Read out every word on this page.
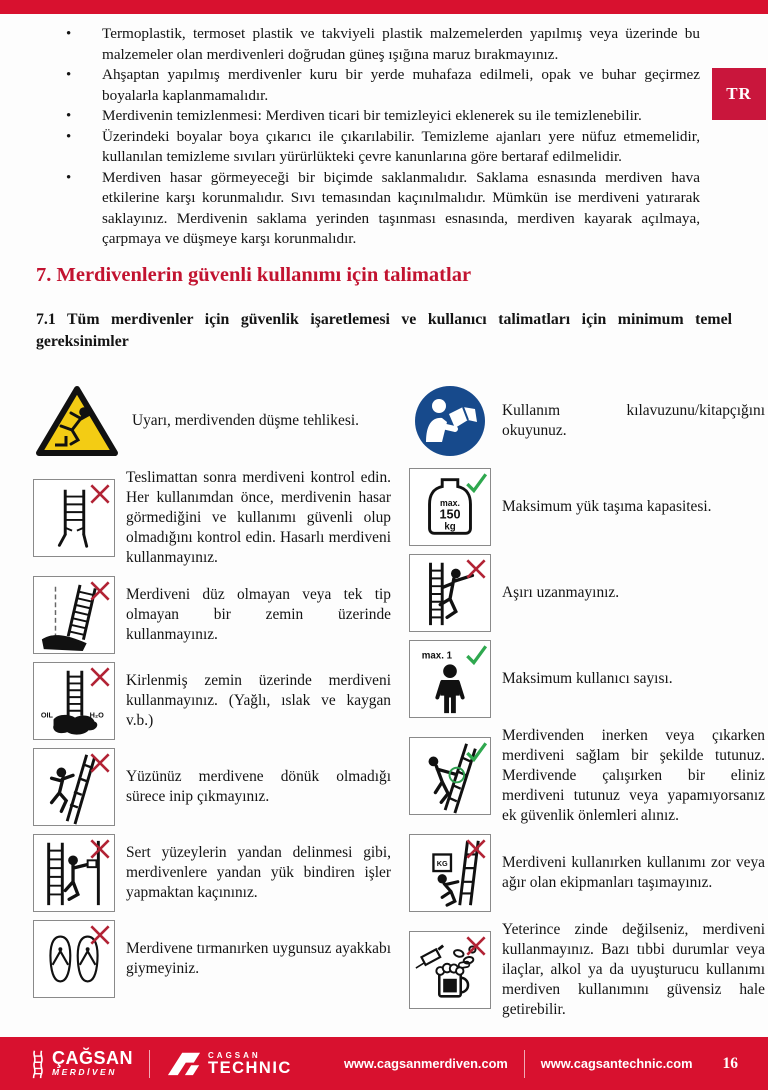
TR
•	Termoplastik, termoset plastik ve takviyeli plastik malzemelerden yapılmış veya üzerinde bu malzemeler olan merdivenleri doğrudan güneş ışığına maruz bırakmayınız.
•	Ahşaptan yapılmış merdivenler kuru bir yerde muhafaza edilmeli, opak ve buhar geçirmez boyalarla kaplanmamalıdır.
•	Merdivenin temizlenmesi: Merdiven ticari bir temizleyici eklenerek su ile temizlenebilir.
•	Üzerindeki boyalar boya çıkarıcı ile çıkarılabilir. Temizleme ajanları yere nüfuz etmemelidir, kullanılan temizleme sıvıları yürürlükteki çevre kanunlarına göre bertaraf edilmelidir.
•	Merdiven hasar görmeyeceği bir biçimde saklanmalıdır. Saklama esnasında merdiven hava etkilerine karşı korunmalıdır. Sıvı temasından kaçınılmalıdır. Mümkün ise merdiveni yatırarak saklayınız. Merdivenin saklama yerinden taşınması esnasında, merdiven kayarak açılmaya, çarpmaya ve düşmeye karşı korunmalıdır.
7. Merdivenlerin güvenli kullanımı için talimatlar
7.1 Tüm merdivenler için güvenlik işaretlemesi ve kullanıcı talimatları için minimum temel gereksinimler
Uyarı, merdivenden düşme tehlikesi.
Teslimattan sonra merdiveni kontrol edin. Her kullanımdan önce, merdivenin hasar görmediğini ve kullanımı güvenli olup olmadığını kontrol edin. Hasarlı merdiveni kullanmayınız.
Merdiveni düz olmayan veya tek tip olmayan bir zemin üzerinde kullanmayınız.
OIL	H₂O
Kirlenmiş zemin üzerinde merdiveni kullanmayınız. (Yağlı, ıslak ve kaygan v.b.)
Yüzünüz merdivene dönük olmadığı sürece inip çıkmayınız.
Sert yüzeylerin yandan delinmesi gibi, merdivenlere yandan yük bindiren işler yapmaktan kaçınınız.
Merdivene tırmanırken uygunsuz ayakkabı giymeyiniz.
Kullanım kılavuzunu/kitapçığını okuyunuz.
max.
150
kg
Maksimum yük taşıma kapasitesi.
Aşırı uzanmayınız.
max. 1
Maksimum kullanıcı sayısı.
Merdivenden inerken veya çıkarken merdiveni sağlam bir şekilde tutunuz. Merdivende çalışırken bir eliniz merdiveni tutunuz veya yapamıyorsanız ek güvenlik önlemleri alınız.
KG	Merdiveni kullanırken kullanımı zor veya ağır olan ekipmanları taşımayınız.
Yeterince zinde değilseniz, merdiveni kullanmayınız. Bazı tıbbi durumlar veya ilaçlar, alkol ya da uyuşturucu kullanımı merdiven kullanımını güvensiz hale getirebilir.
ÇAĞSAN
MERDİVEN
CAGSAN
TECHNIC	www.cagsanmerdiven.com	www.cagsantechnic.com 16
